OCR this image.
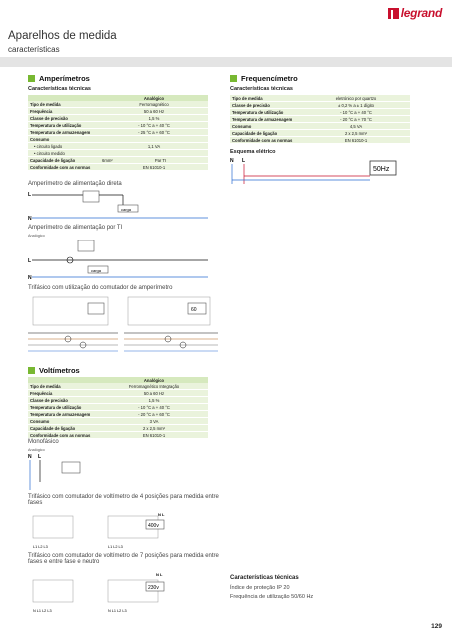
legrand
Aparelhos de medida
características
Amperímetros
Características técnicas
	Analógico	
Tipo de medida	Ferromagnético	
Frequência	50 a 60 Hz	
Classe de precisão	1,5 %	
Temperatura de utilização	- 10 °C a + 40 °C	
Temperatura de armazenagem	- 25 °C a + 60 °C	
Consumo		
• circuito ligado	1,1 VA	
• circuito medido		
Capacidade de ligação	6mm²	Par TI
Conformidade com as normas	EN 61010-1	
Amperímetro de alimentação direta
L
carga
N
Amperímetro de alimentação por TI
Analógico
L
carga
N
Trifásico com utilização do comutador de amperímetro
60
Voltímetros
	Analógico
Tipo de medida	Ferromagnético Integração
Frequência	50 a 60 Hz
Classe de precisão	1,5 %
Temperatura de utilização	- 10 °C a + 40 °C
Temperatura de armazenagem	- 20 °C a + 60 °C
Consumo	3 VA
Capacidade de ligação	2 x 2,5 mm²
Conformidade com as normas	EN 61010-1
Monofásico
Analógico
N L
Trifásico com comutador de voltímetro de 4 posições para medida entre fases
400v
N L
L1 L2 L3	L1 L2 L3
Trifásico com comutador de voltímetro de 7 posições para medida entre fases e entre fase e neutro
230v
N L
N L1 L2 L3	N L1 L2 L3
Frequencímetro
Características técnicas
Tipo de medida	eletrónico por quartzo
Classe de precisão	± 0,2 % a ± 1 dígito
Temperatura de utilização	- 10 °C a + 40 °C
Temperatura de armazenagem	- 20 °C a + 70 °C
Consumo	4,5 VA
Capacidade de ligação	2 x 2,5 mm²
Conformidade com as normas	EN 61010-1
Esquema elétrico
N L
50Hz
Características técnicas
Índice de proteção IP 20
Frequência de utilização 50/60 Hz
129
